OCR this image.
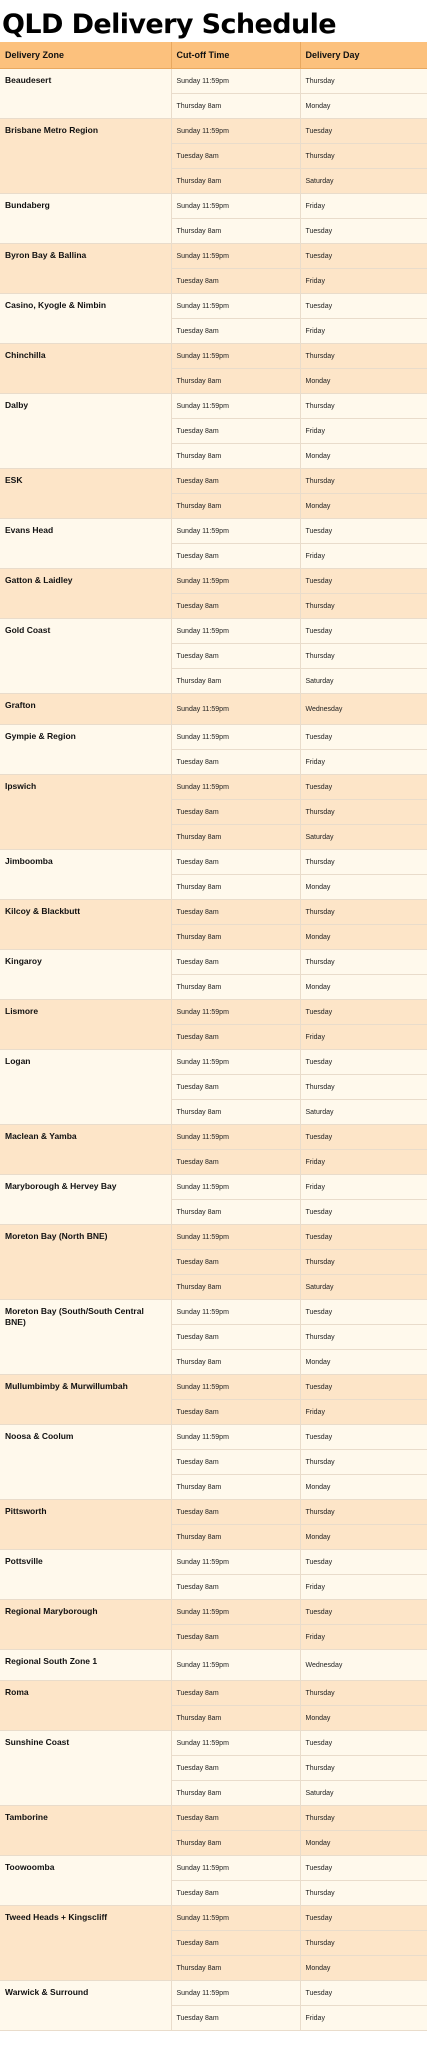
QLD Delivery Schedule
Delivery Zone	Cut-off Time	Delivery Day
Beaudesert	Sunday 11:59pm	Thursday
	Thursday 8am	Monday
Brisbane Metro Region	Sunday 11:59pm	Tuesday
	Tuesday 8am	Thursday
	Thursday 8am	Saturday
Bundaberg	Sunday 11:59pm	Friday
	Thursday 8am	Tuesday
Byron Bay & Ballina	Sunday 11:59pm	Tuesday
	Tuesday 8am	Friday
Casino, Kyogle & Nimbin	Sunday 11:59pm	Tuesday
	Tuesday 8am	Friday
Chinchilla	Sunday 11:59pm	Thursday
	Thursday 8am	Monday
Dalby	Sunday 11:59pm	Thursday
	Tuesday 8am	Friday
	Thursday 8am	Monday
ESK	Tuesday 8am	Thursday
	Thursday 8am	Monday
Evans Head	Sunday 11:59pm	Tuesday
	Tuesday 8am	Friday
Gatton & Laidley	Sunday 11:59pm	Tuesday
	Tuesday 8am	Thursday
Gold Coast	Sunday 11:59pm	Tuesday
	Tuesday 8am	Thursday
	Thursday 8am	Saturday
Grafton	Sunday 11:59pm	Wednesday
Gympie & Region	Sunday 11:59pm	Tuesday
	Tuesday 8am	Friday
Ipswich	Sunday 11:59pm	Tuesday
	Tuesday 8am	Thursday
	Thursday 8am	Saturday
Jimboomba	Tuesday 8am	Thursday
	Thursday 8am	Monday
Kilcoy & Blackbutt	Tuesday 8am	Thursday
	Thursday 8am	Monday
Kingaroy	Tuesday 8am	Thursday
	Thursday 8am	Monday
Lismore	Sunday 11:59pm	Tuesday
	Tuesday 8am	Friday
Logan	Sunday 11:59pm	Tuesday
	Tuesday 8am	Thursday
	Thursday 8am	Saturday
Maclean & Yamba	Sunday 11:59pm	Tuesday
	Tuesday 8am	Friday
Maryborough & Hervey Bay	Sunday 11:59pm	Friday
	Thursday 8am	Tuesday
Moreton Bay (North BNE)	Sunday 11:59pm	Tuesday
	Tuesday 8am	Thursday
	Thursday 8am	Saturday
Moreton Bay (South/South Central BNE)	Sunday 11:59pm	Tuesday
	Tuesday 8am	Thursday
	Thursday 8am	Monday
Mullumbimby & Murwillumbah	Sunday 11:59pm	Tuesday
	Tuesday 8am	Friday
Noosa & Coolum	Sunday 11:59pm	Tuesday
	Tuesday 8am	Thursday
	Thursday 8am	Monday
Pittsworth	Tuesday 8am	Thursday
	Thursday 8am	Monday
Pottsville	Sunday 11:59pm	Tuesday
	Tuesday 8am	Friday
Regional Maryborough	Sunday 11:59pm	Tuesday
	Tuesday 8am	Friday
Regional South Zone 1	Sunday 11:59pm	Wednesday
Roma	Tuesday 8am	Thursday
	Thursday 8am	Monday
Sunshine Coast	Sunday 11:59pm	Tuesday
	Tuesday 8am	Thursday
	Thursday 8am	Saturday
Tamborine	Tuesday 8am	Thursday
	Thursday 8am	Monday
Toowoomba	Sunday 11:59pm	Tuesday
	Tuesday 8am	Thursday
Tweed Heads + Kingscliff	Sunday 11:59pm	Tuesday
	Tuesday 8am	Thursday
	Thursday 8am	Monday
Warwick & Surround	Sunday 11:59pm	Tuesday
	Tuesday 8am	Friday
